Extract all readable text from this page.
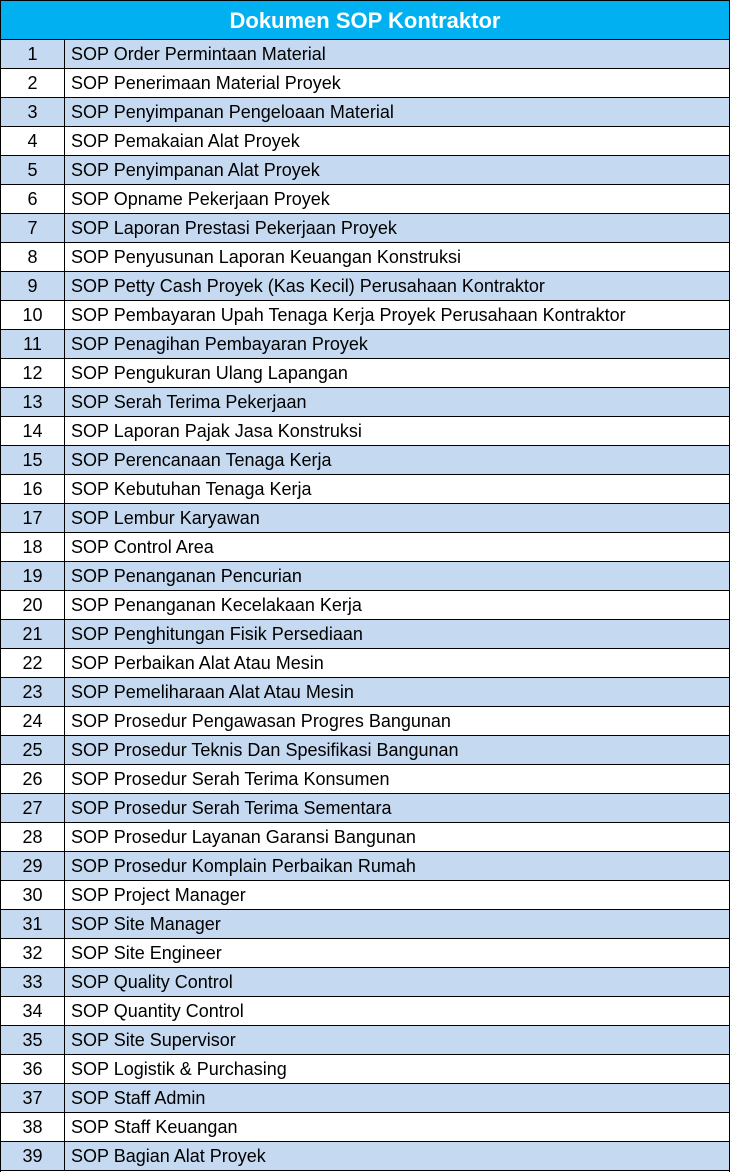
Dokumen SOP Kontraktor
1	SOP Order Permintaan Material
2	SOP Penerimaan Material Proyek
3	SOP Penyimpanan Pengeloaan Material
4	SOP Pemakaian Alat Proyek
5	SOP Penyimpanan Alat Proyek
6	SOP Opname Pekerjaan Proyek
7	SOP Laporan Prestasi Pekerjaan Proyek
8	SOP Penyusunan Laporan Keuangan Konstruksi
9	SOP Petty Cash Proyek (Kas Kecil) Perusahaan Kontraktor
10	SOP Pembayaran Upah Tenaga Kerja Proyek Perusahaan Kontraktor
11	SOP Penagihan Pembayaran Proyek
12	SOP Pengukuran Ulang Lapangan
13	SOP Serah Terima Pekerjaan
14	SOP Laporan Pajak Jasa Konstruksi
15	SOP Perencanaan Tenaga Kerja
16	SOP Kebutuhan Tenaga Kerja
17	SOP Lembur Karyawan
18	SOP Control Area
19	SOP Penanganan Pencurian
20	SOP Penanganan Kecelakaan Kerja
21	SOP Penghitungan Fisik Persediaan
22	SOP Perbaikan Alat Atau Mesin
23	SOP Pemeliharaan Alat Atau Mesin
24	SOP Prosedur Pengawasan Progres Bangunan
25	SOP Prosedur Teknis Dan Spesifikasi Bangunan
26	SOP Prosedur Serah Terima Konsumen
27	SOP Prosedur Serah Terima Sementara
28	SOP Prosedur Layanan Garansi Bangunan
29	SOP Prosedur Komplain Perbaikan Rumah
30	SOP Project Manager
31	SOP Site Manager
32	SOP Site Engineer
33	SOP Quality Control
34	SOP Quantity Control
35	SOP Site Supervisor
36	SOP Logistik & Purchasing
37	SOP Staff Admin
38	SOP Staff Keuangan
39	SOP Bagian Alat Proyek
